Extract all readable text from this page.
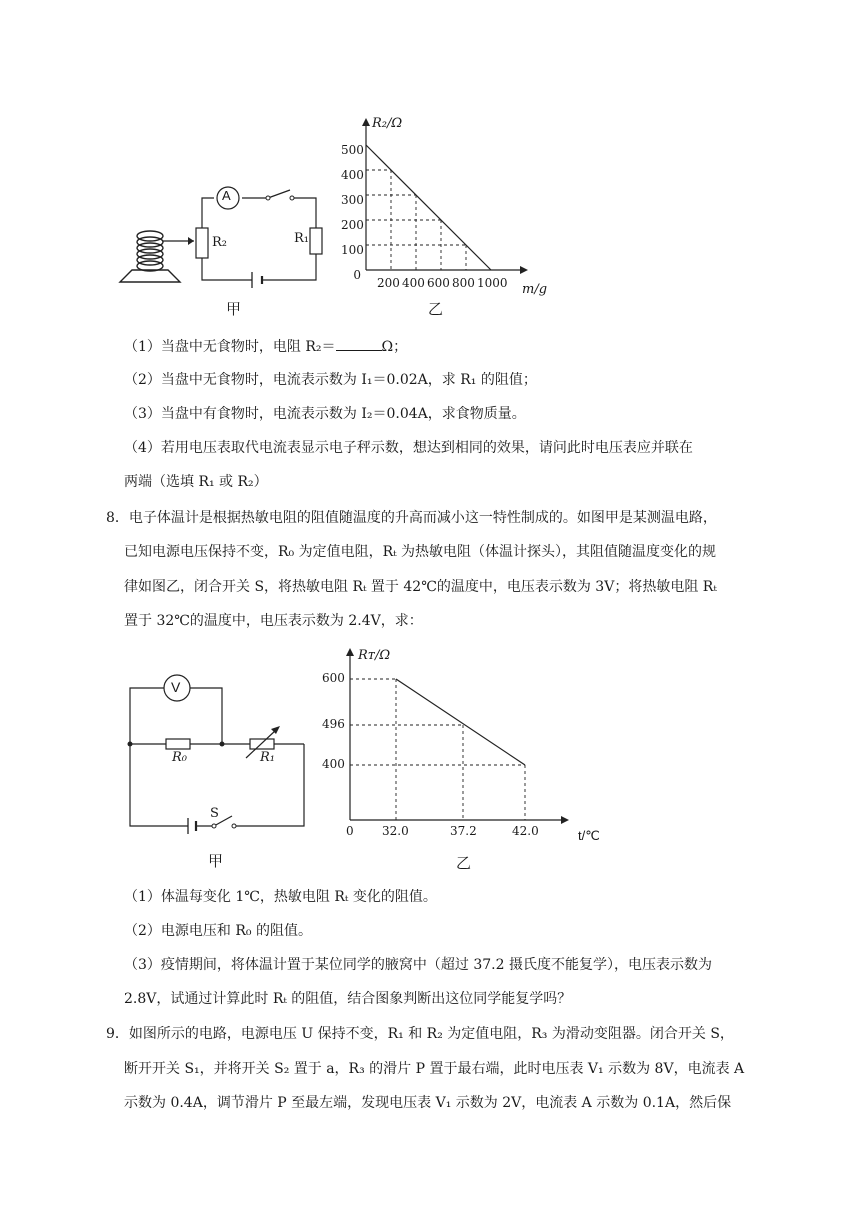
A
R₂	R₁
甲
R₂/Ω
500
400
300
200
100
0
200 400 600 800 1000 m/g
乙
（1）当盘中无食物时，电阻 R₂＝	Ω；
（2）当盘中无食物时，电流表示数为 I₁＝0.02A，求 R₁ 的阻值；
（3）当盘中有食物时，电流表示数为 I₂＝0.04A，求食物质量。
（4）若用电压表取代电流表显示电子秤示数，想达到相同的效果，请问此时电压表应并联在
两端（选填 R₁ 或 R₂）
8．电子体温计是根据热敏电阻的阻值随温度的升高而减小这一特性制成的。如图甲是某测温电路，
已知电源电压保持不变，R₀ 为定值电阻，Rₜ 为热敏电阻（体温计探头），其阻值随温度变化的规
律如图乙，闭合开关 S，将热敏电阻 Rₜ 置于 42℃的温度中，电压表示数为 3V；将热敏电阻 Rₜ
置于 32℃的温度中，电压表示数为 2.4V，求：
V
R₀	R₁
S
甲
Rᴛ/Ω
600
496
400
0 32.0	37.2	42.0	t/℃
乙
（1）体温每变化 1℃，热敏电阻 Rₜ 变化的阻值。
（2）电源电压和 R₀ 的阻值。
（3）疫情期间，将体温计置于某位同学的腋窝中（超过 37.2 摄氏度不能复学），电压表示数为
2.8V，试通过计算此时 Rₜ 的阻值，结合图象判断出这位同学能复学吗？
9．如图所示的电路，电源电压 U 保持不变，R₁ 和 R₂ 为定值电阻，R₃ 为滑动变阻器。闭合开关 S，
断开开关 S₁，并将开关 S₂ 置于 a，R₃ 的滑片 P 置于最右端，此时电压表 V₁ 示数为 8V，电流表 A
示数为 0.4A，调节滑片 P 至最左端，发现电压表 V₁ 示数为 2V，电流表 A 示数为 0.1A，然后保
